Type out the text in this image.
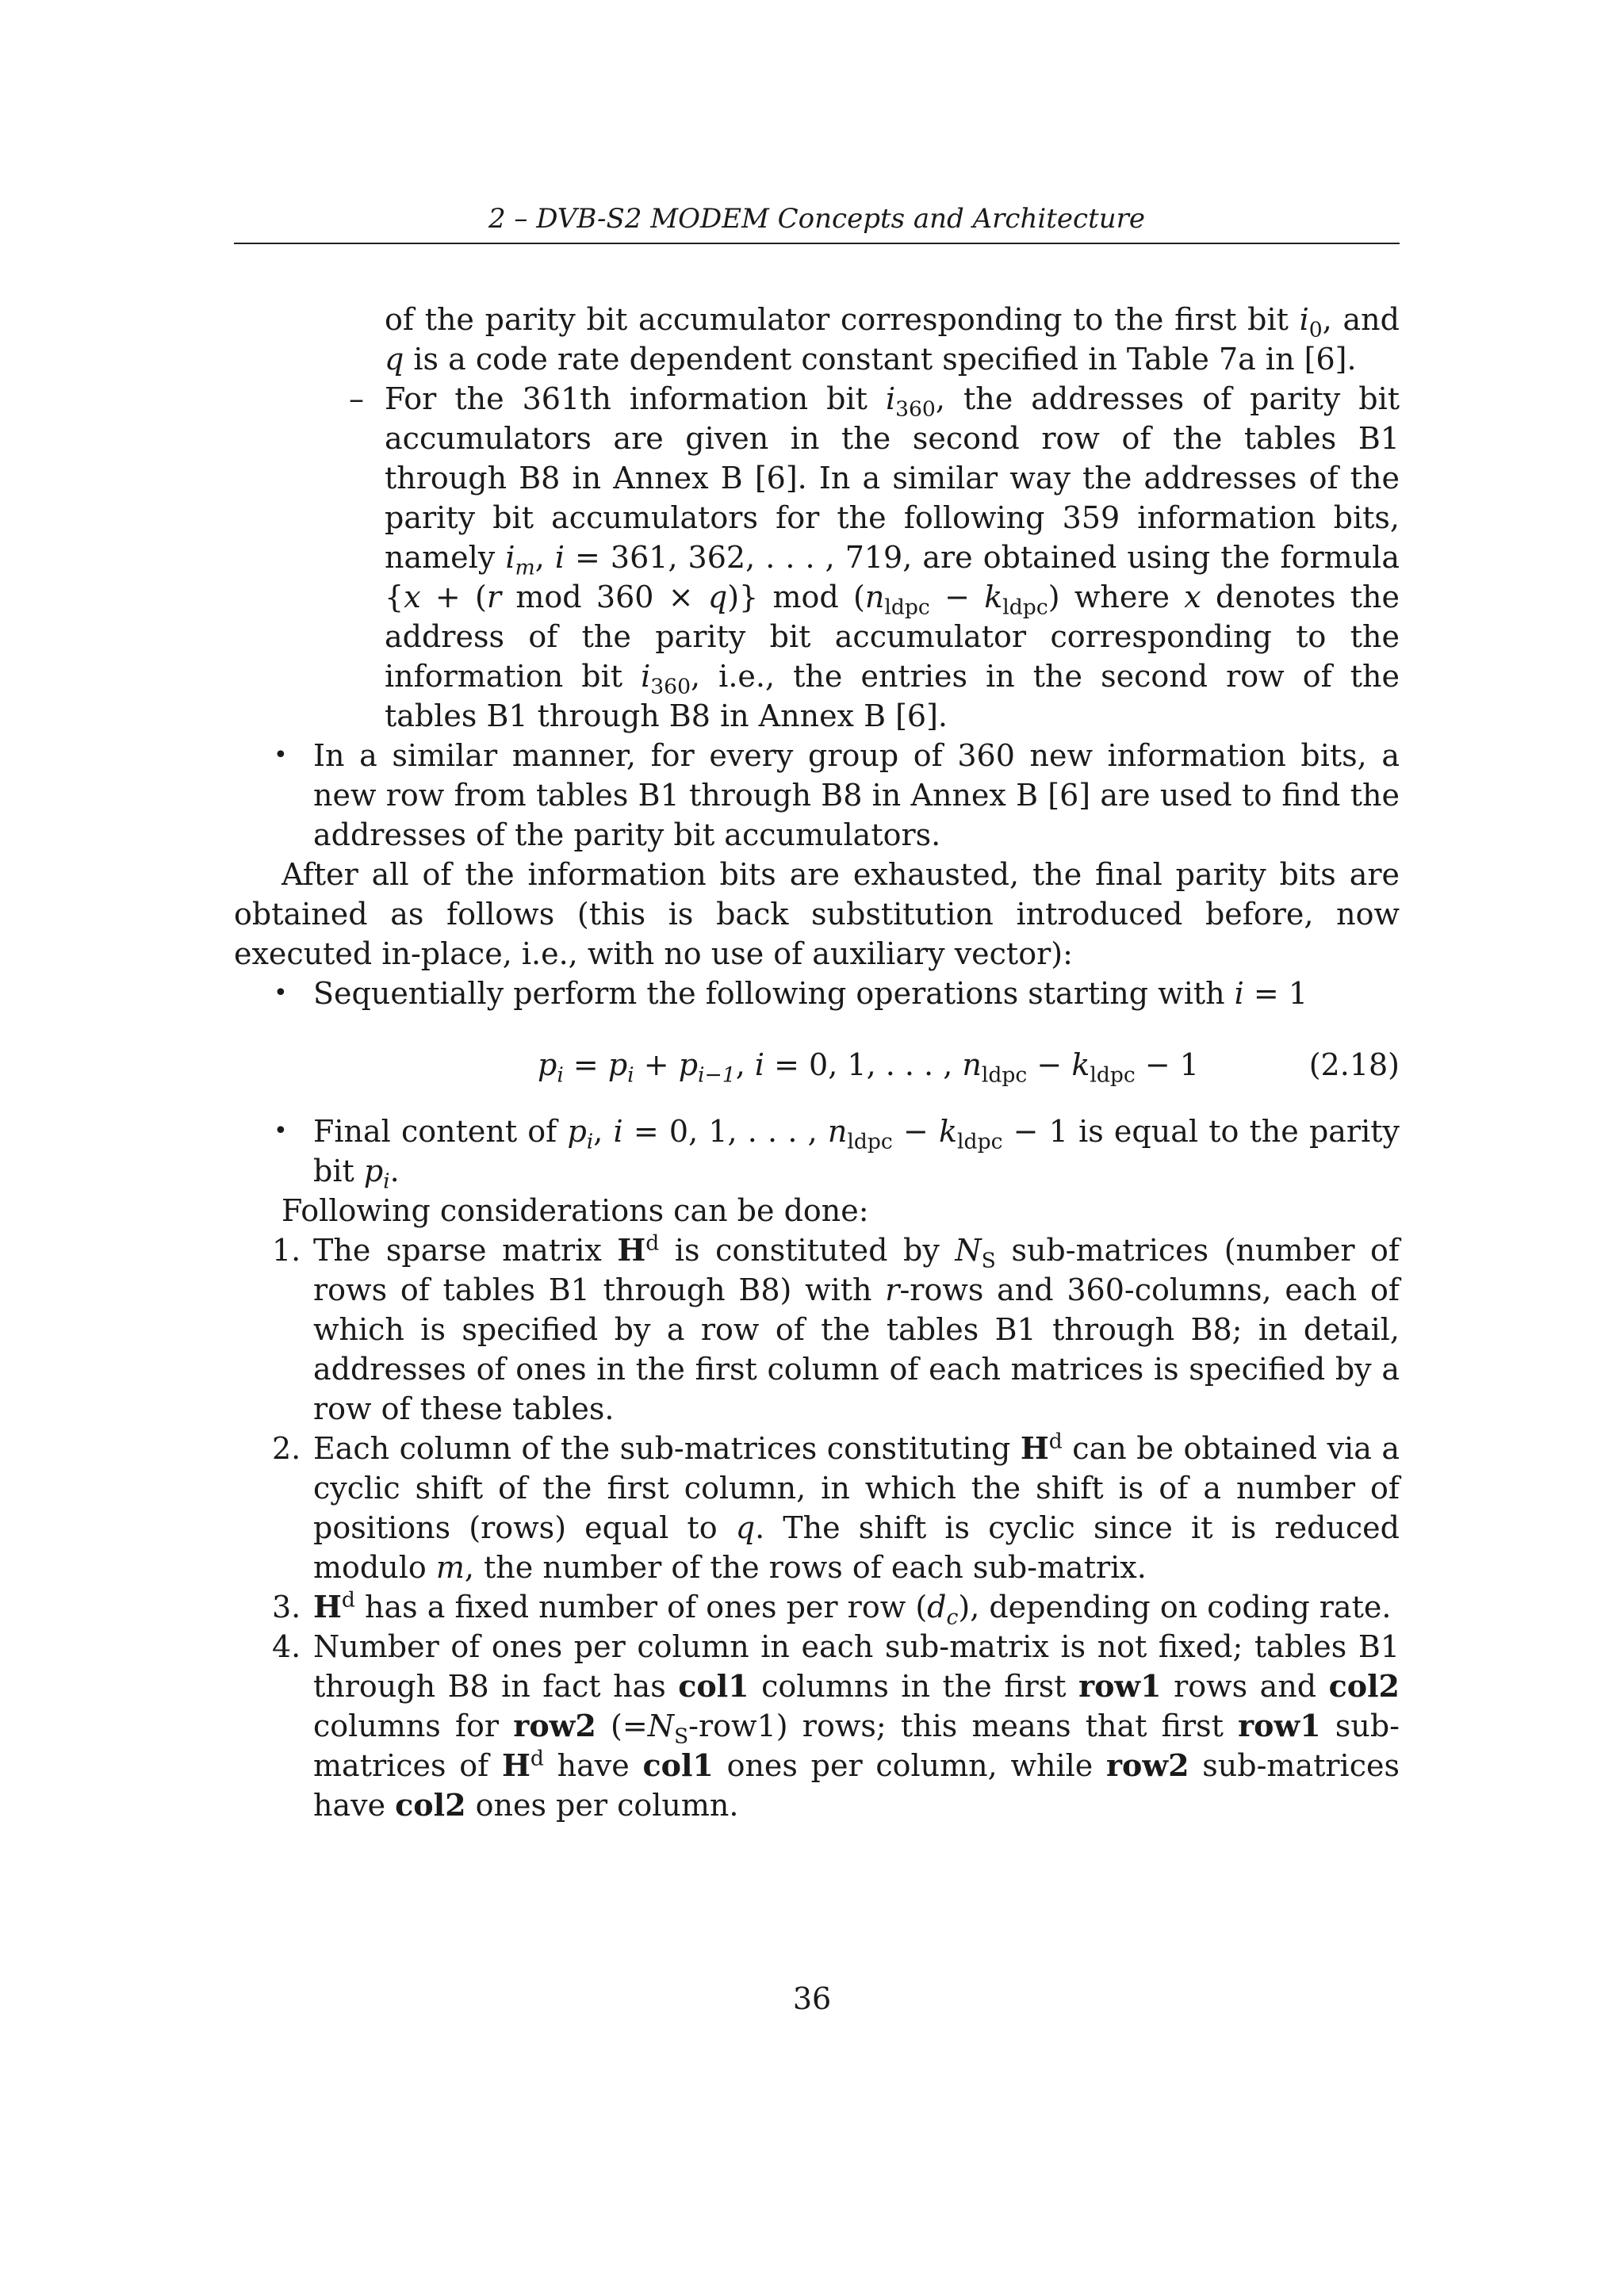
2 – DVB-S2 MODEM Concepts and Architecture

of the parity bit accumulator corresponding to the first bit $i_0$, and q is a code rate dependent constant specified in Table 7a in [6].

– For the 361th information bit $i_{360}$, the addresses of parity bit accumulators are given in the second row of the tables B1 through B8 in Annex B [6]. In a similar way the addresses of the parity bit accumulators for the following 359 information bits, namely $i_m$, i = 361, 362, . . . , 719, are obtained using the formula {x + (r mod 360 × q)} mod $(n_{ldpc} - k_{ldpc})$ where x denotes the address of the parity bit accumulator corresponding to the information bit $i_{360}$, i.e., the entries in the second row of the tables B1 through B8 in Annex B [6].

• In a similar manner, for every group of 360 new information bits, a new row from tables B1 through B8 in Annex B [6] are used to find the addresses of the parity bit accumulators.

After all of the information bits are exhausted, the final parity bits are obtained as follows (this is back substitution introduced before, now executed in-place, i.e., with no use of auxiliary vector):

• Sequentially perform the following operations starting with i = 1

$p_i = p_i + p_{i-1}$, i = 0, 1, . . . , $n_{ldpc} - k_{ldpc} - 1$	(2.18)

• Final content of $p_i$, i = 0, 1, . . . , $n_{ldpc} - k_{ldpc} - 1$ is equal to the parity bit $p_i$.

Following considerations can be done:

1. The sparse matrix $H^d$ is constituted by $N_S$ sub-matrices (number of rows of tables B1 through B8) with r-rows and 360-columns, each of which is specified by a row of the tables B1 through B8; in detail, addresses of ones in the first column of each matrices is specified by a row of these tables.

2. Each column of the sub-matrices constituting $H^d$ can be obtained via a cyclic shift of the first column, in which the shift is of a number of positions (rows) equal to q. The shift is cyclic since it is reduced modulo m, the number of the rows of each sub-matrix.

3. $H^d$ has a fixed number of ones per row $(d_c)$, depending on coding rate.

4. Number of ones per column in each sub-matrix is not fixed; tables B1 through B8 in fact has col1 columns in the first row1 rows and col2 columns for row2 $(=N_S-row1)$ rows; this means that first row1 sub-matrices of $H^d$ have col1 ones per column, while row2 sub-matrices have col2 ones per column.

36
